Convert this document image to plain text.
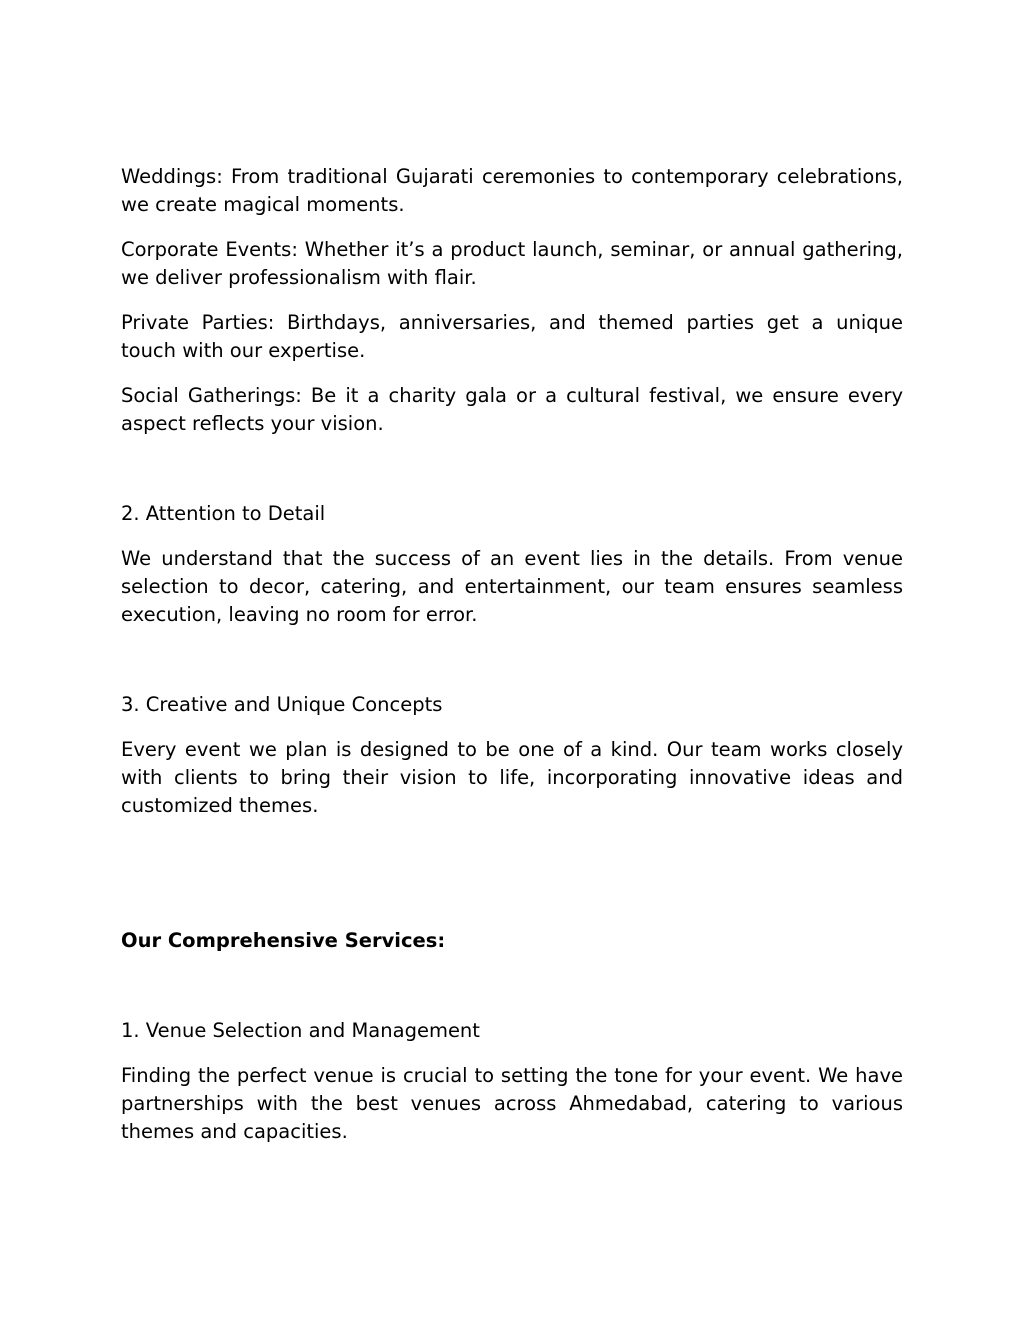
Weddings: From traditional Gujarati ceremonies to contemporary celebrations, we create magical moments.

Corporate Events: Whether it’s a product launch, seminar, or annual gathering, we deliver professionalism with flair.

Private Parties: Birthdays, anniversaries, and themed parties get a unique touch with our expertise.

Social Gatherings: Be it a charity gala or a cultural festival, we ensure every aspect reflects your vision.

2. Attention to Detail

We understand that the success of an event lies in the details. From venue selection to decor, catering, and entertainment, our team ensures seamless execution, leaving no room for error.

3. Creative and Unique Concepts

Every event we plan is designed to be one of a kind. Our team works closely with clients to bring their vision to life, incorporating innovative ideas and customized themes.

Our Comprehensive Services:

1. Venue Selection and Management

Finding the perfect venue is crucial to setting the tone for your event. We have partnerships with the best venues across Ahmedabad, catering to various themes and capacities.
